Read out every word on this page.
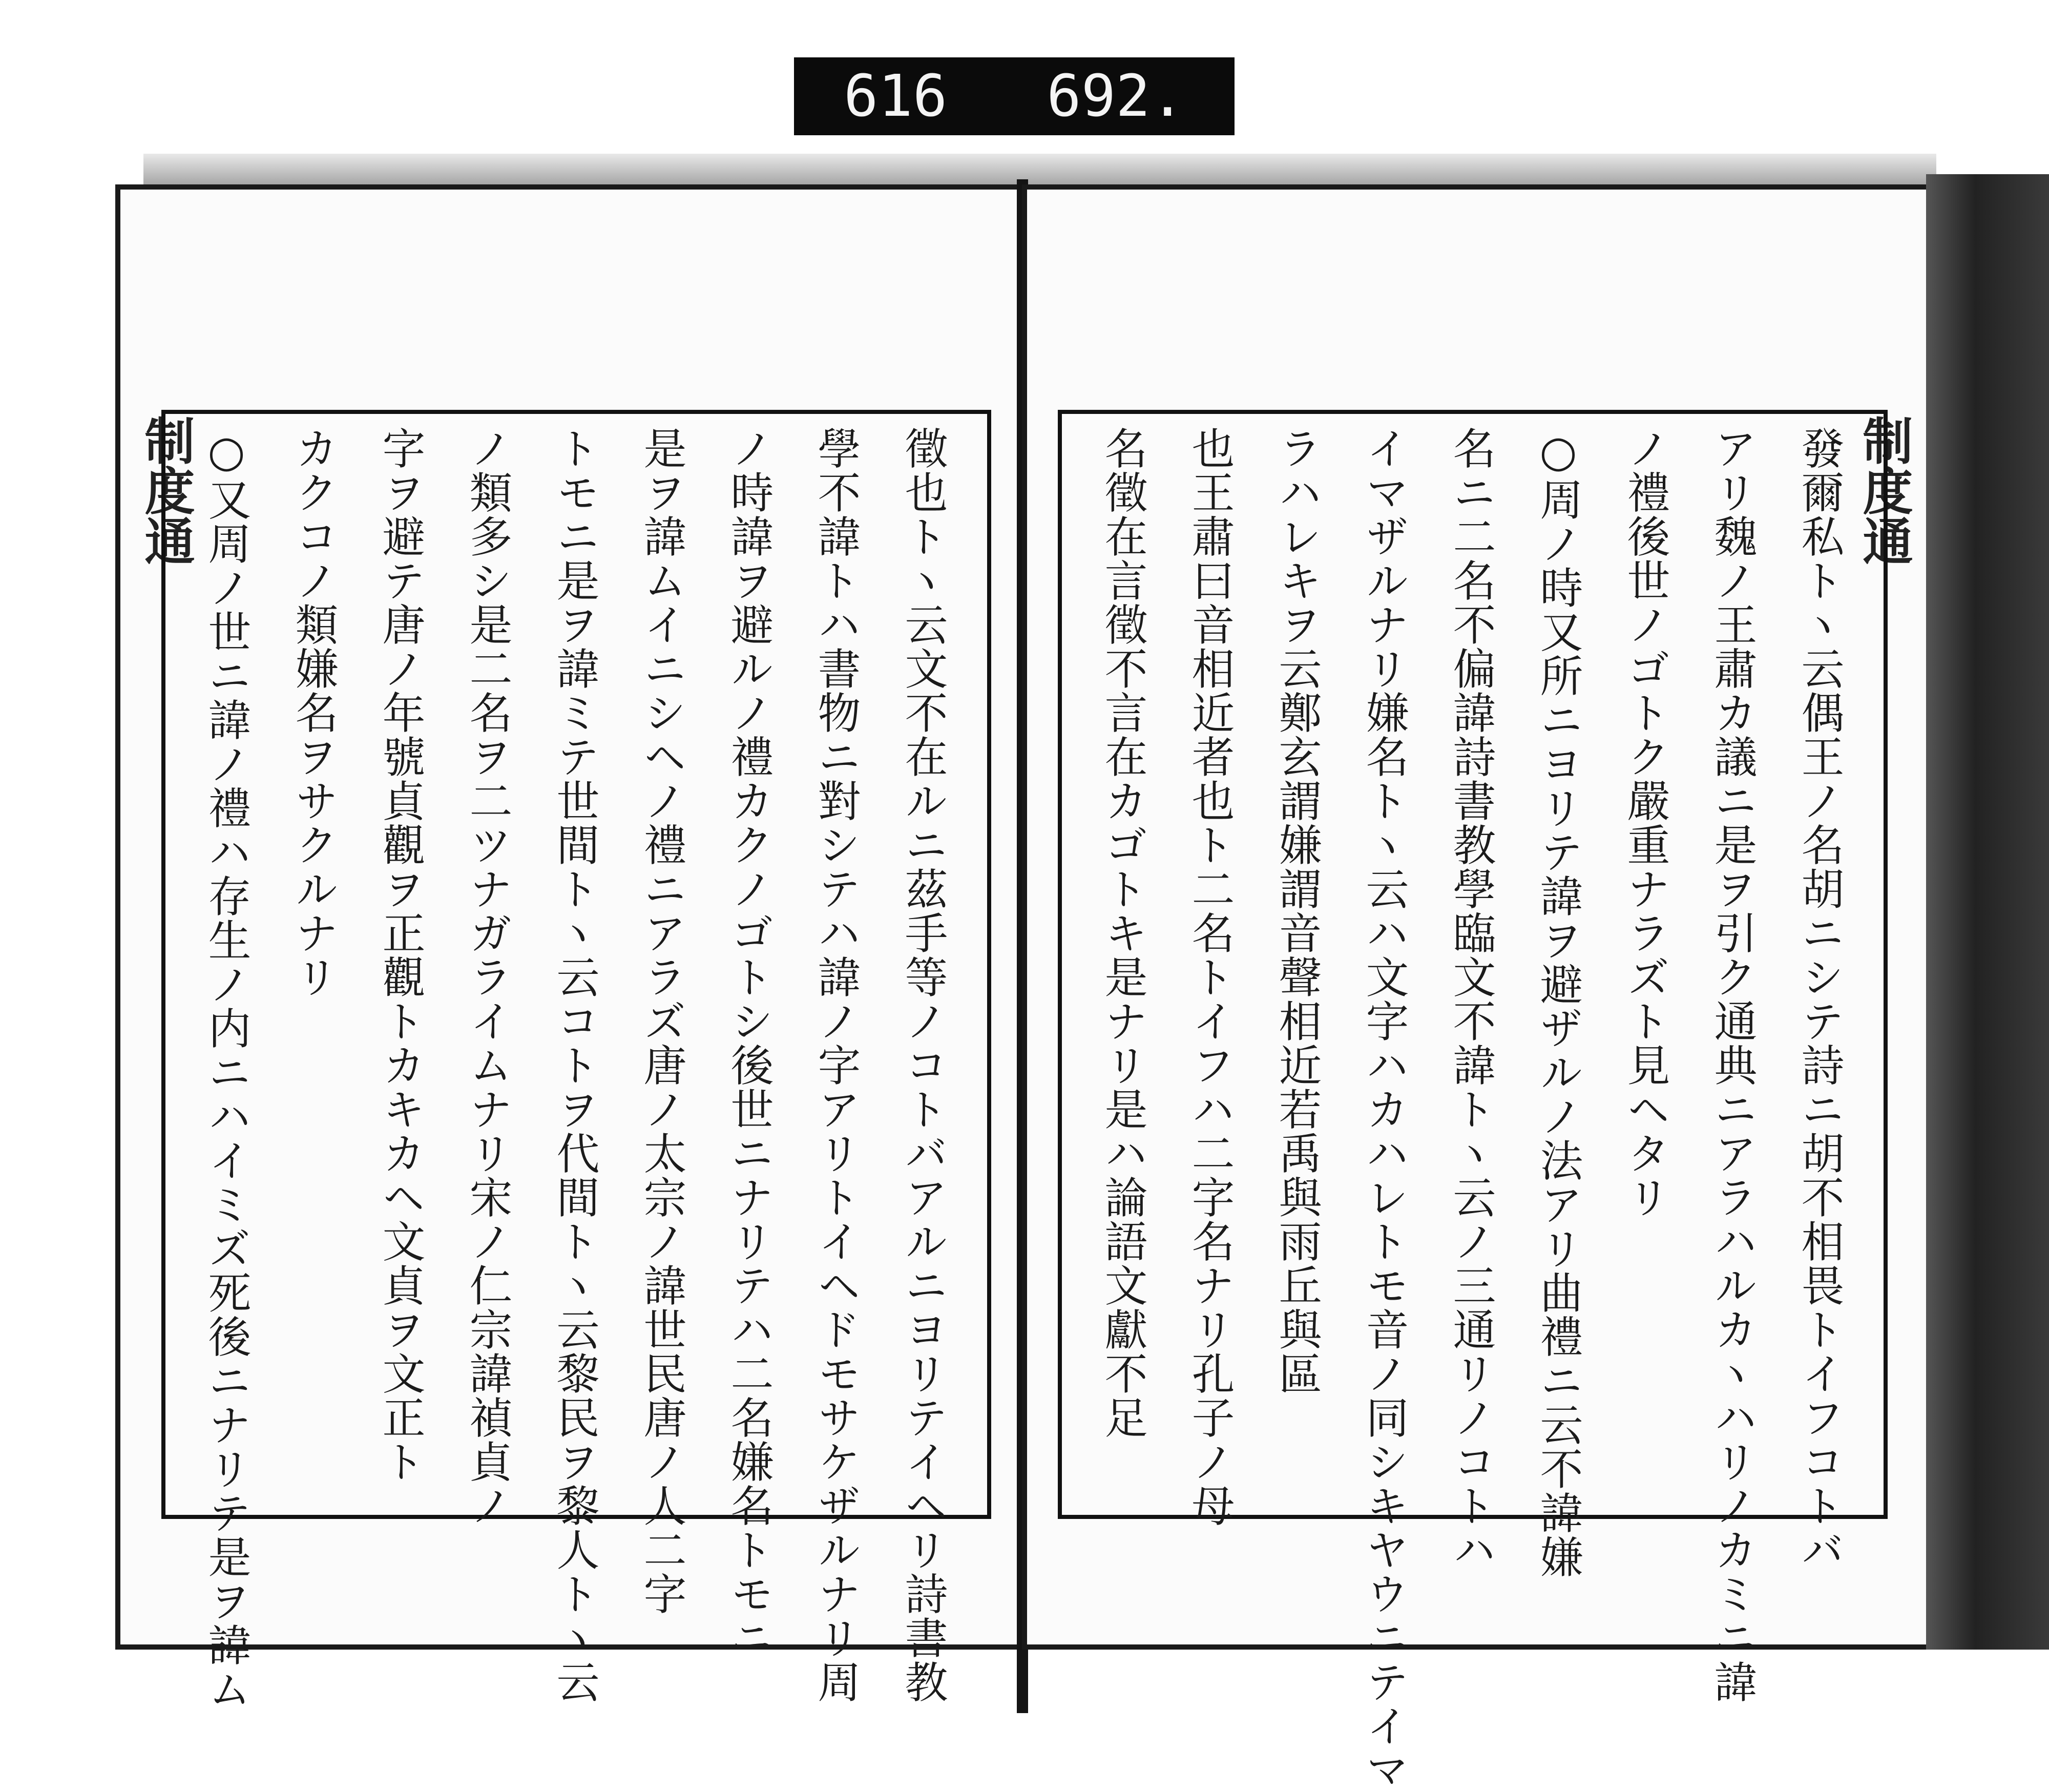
616 692.
制度通	徵也トヽ云文不在ルニ茲手等ノコトバアルニヨリテイヘリ詩書教
學不諱トハ書物ニ對シテハ諱ノ字アリトイヘドモサケザルナリ周
ノ時諱ヲ避ルノ禮カクノゴトシ後世ニナリテハ二名嫌名トモニ
是ヲ諱ムイニシヘノ禮ニアラズ唐ノ太宗ノ諱世民唐ノ人二字
トモニ是ヲ諱ミテ世間トヽ云コトヲ代間トヽ云黎民ヲ黎人トヽ云
ノ類多シ是二名ヲ二ツナガライムナリ宋ノ仁宗諱禎貞ノ
字ヲ避テ唐ノ年號貞觀ヲ正觀トカキカヘ文貞ヲ文正ト
カクコノ類嫌名ヲサクルナリ
○又周ノ世ニ諱ノ禮ハ存生ノ内ニハイミズ死後ニナリテ是ヲ諱ム	制度通
發爾私トヽ云偶王ノ名胡ニシテ詩ニ胡不相畏トイフコトバ
アリ魏ノ王肅カ議ニ是ヲ引ク通典ニアラハルカヽハリノカミニ諱
ノ禮後世ノゴトク嚴重ナラズト見ヘタリ
○周ノ時又所ニヨリテ諱ヲ避ザルノ法アリ曲禮ニ云不諱嫌
名ニ二名不偏諱詩書教學臨文不諱トヽ云ノ三通リノコトハ
イマザルナリ嫌名トヽ云ハ文字ハカハレトモ音ノ同シキヤウニテイマ
ラハレキヲ云鄭玄謂嫌謂音聲相近若禹與雨丘與區
也王肅曰音相近者也ト二名トイフハ二字名ナリ孔子ノ母
名徵在言徵不言在カゴトキ是ナリ是ハ論語文獻不足
